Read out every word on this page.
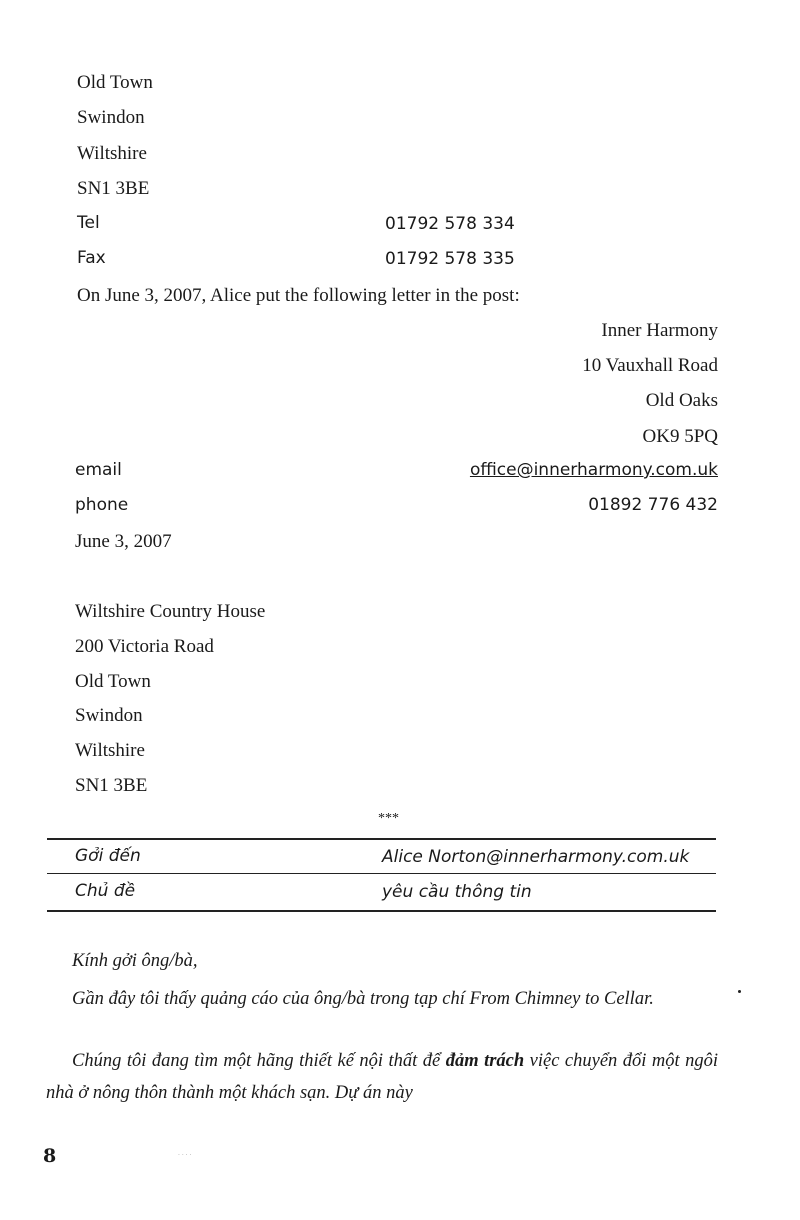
Old Town
Swindon
Wiltshire
SN1 3BE
Tel	01792 578 334
Fax	01792 578 335
On June 3, 2007, Alice put the following letter in the post:
Inner Harmony
10 Vauxhall Road
Old Oaks
OK9 5PQ
email	office@innerharmony.com.uk
phone	01892 776 432
June 3, 2007
Wiltshire Country House
200 Victoria Road
Old Town
Swindon
Wiltshire
SN1 3BE
***
Gởi đến	Alice Norton@innerharmony.com.uk
Chủ đề	yêu cầu thông tin
Kính gởi ông/bà,

Gần đây tôi thấy quảng cáo của ông/bà trong tạp chí From Chimney to Cellar.

Chúng tôi đang tìm một hãng thiết kế nội thất để đảm trách việc chuyển đổi một ngôi nhà ở nông thôn thành một khách sạn. Dự án này

· · · ·
8
